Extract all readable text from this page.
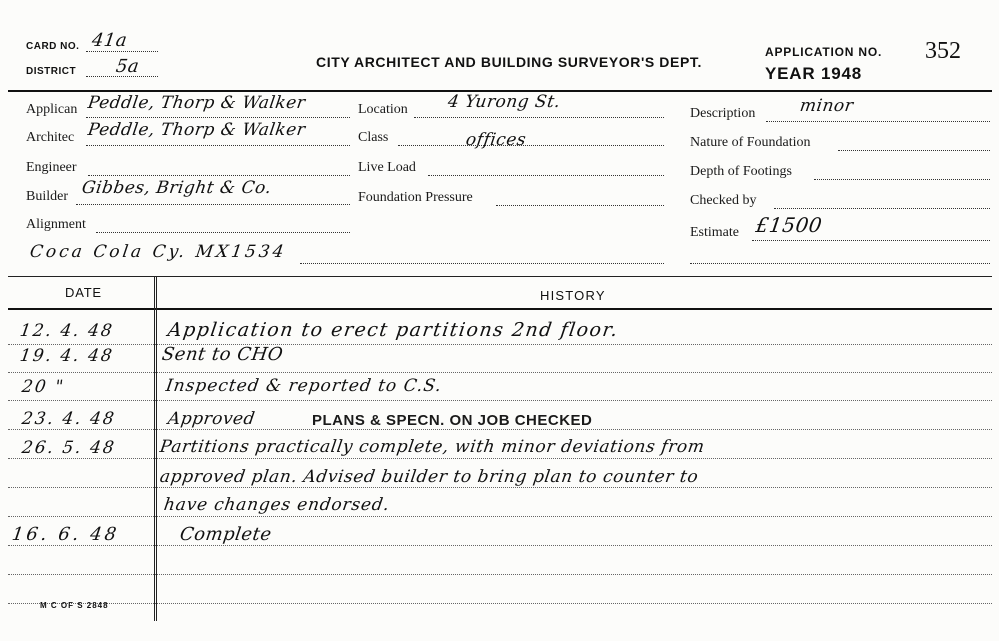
CARD NO. 41a
DISTRICT 5a	CITY ARCHITECT AND BUILDING SURVEYOR'S DEPT.
APPLICATION NO. 352
YEAR 1948
Applican Peddle, Thorp & Walker
Architec Peddle, Thorp & Walker
Engineer
Builder Gibbes, Bright & Co.
Alignment
Coca Cola Cy. MX1534
Location 4 Yurong St.
Class	offices
Live Load
Foundation Pressure
Description	minor
Nature of Foundation
Depth of Footings
Checked by
Estimate £1500
DATE	HISTORY
12. 4. 48	Application to erect partitions 2nd floor.
19. 4. 48	Sent to CHO
20 "	Inspected & reported to C.S.
23. 4. 48	Approved	PLANS & SPECN. ON JOB CHECKED
26. 5. 48 Partitions practically complete, with minor deviations from
approved plan. Advised builder to bring plan to counter to
have changes endorsed.
16. 6. 48	Complete
M C OF S 2848
